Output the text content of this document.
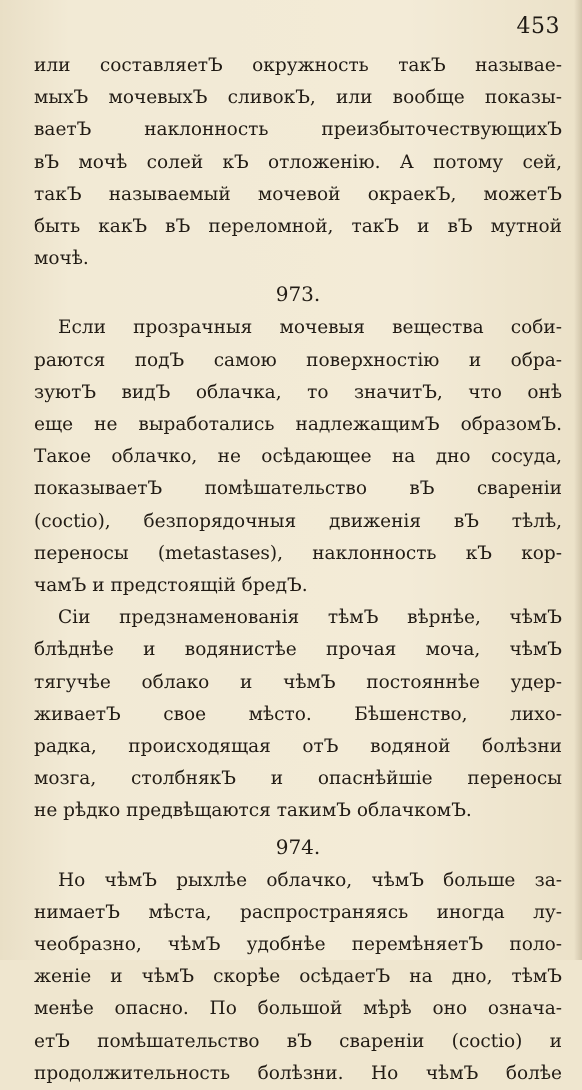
453
или составляетЪ окружность такЪ называе-
мыхЪ мочевыхЪ сливокЪ, или вообще показы-
ваетЪ наклонность преизбыточествующихЪ
вЪ мочѣ солей кЪ отложенію. А потому сей,
такЪ называемый мочевой окраекЪ, можетЪ
быть какЪ вЪ переломной, такЪ и вЪ мутной
мочѣ.
973.
Если прозрачныя мочевыя вещества соби-
раются подЪ самою поверхностію и обра-
зуютЪ видЪ облачка, то значитЪ, что онѣ
еще не выработались надлежащимЪ образомЪ.
Такое облачко, не осѣдающее на дно сосуда,
показываетЪ помѣшательство вЪ свареніи
(coctio), безпорядочныя движенія вЪ тѣлѣ,
переносы (metastases), наклонность кЪ кор-
чамЪ и предстоящій бредЪ.
Сіи предзнаменованія тѣмЪ вѣрнѣе, чѣмЪ
блѣднѣе и водянистѣе прочая моча, чѣмЪ
тягучѣе облако и чѣмЪ постояннѣе удер-
живаетЪ свое мѣсто. Бѣшенство, лихо-
радка, происходящая отЪ водяной болѣзни
мозга, столбнякЪ и опаснѣйшіе переносы
не рѣдко предвѣщаются такимЪ облачкомЪ.
974.
Но чѣмЪ рыхлѣе облачко, чѣмЪ больше за-
нимаетЪ мѣста, распространяясь иногда лу-
чеобразно, чѣмЪ удобнѣе перемѣняетЪ поло-
женіе и чѣмЪ скорѣе осѣдаетЪ на дно, тѣмЪ
менѣе опасно. По большой мѣрѣ оно означа-
етЪ помѣшательство вЪ свареніи (coctio) и
продолжительность болѣзни. Но чѣмЪ болѣе
